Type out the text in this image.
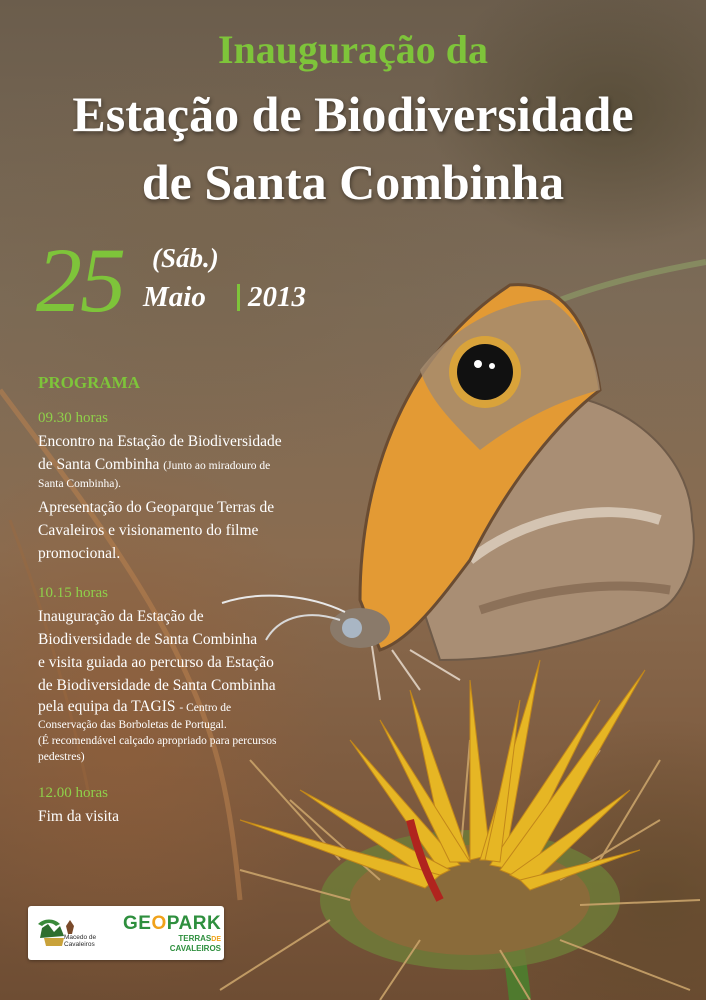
Inauguração da
Estação de Biodiversidade
de Santa Combinha
25 (Sáb.)
Maio 2013
PROGRAMA
09.30 horas
Encontro na Estação de Biodiversidade
de Santa Combinha (Junto ao miradouro de
Santa Combinha).
Apresentação do Geoparque Terras de
Cavaleiros e visionamento do filme
promocional.
10.15 horas
Inauguração da Estação de
Biodiversidade de Santa Combinha
e visita guiada ao percurso da Estação
de Biodiversidade de Santa Combinha
pela equipa da TAGIS - Centro de
Conservação das Borboletas de Portugal.
(É recomendável calçado apropriado para percursos
pedestres)
12.00 horas
Fim da visita
Macedo de Cavaleiros
GEOPARK
TERRASDE
CAVALEIROS
